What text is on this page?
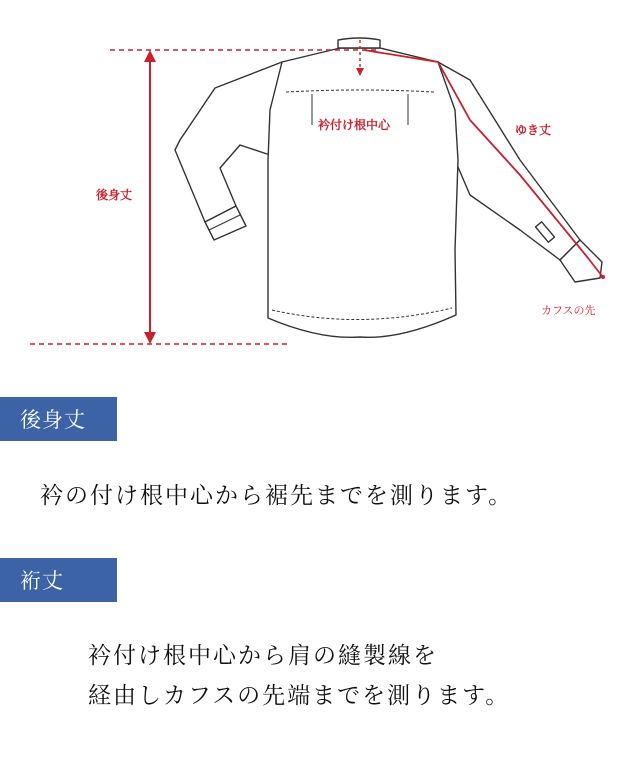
衿付け根中心	ゆき丈
後身丈
カフスの先
後身丈
衿の付け根中心から裾先までを測ります。
裄丈
衿付け根中心から肩の縫製線を
経由しカフスの先端までを測ります。
